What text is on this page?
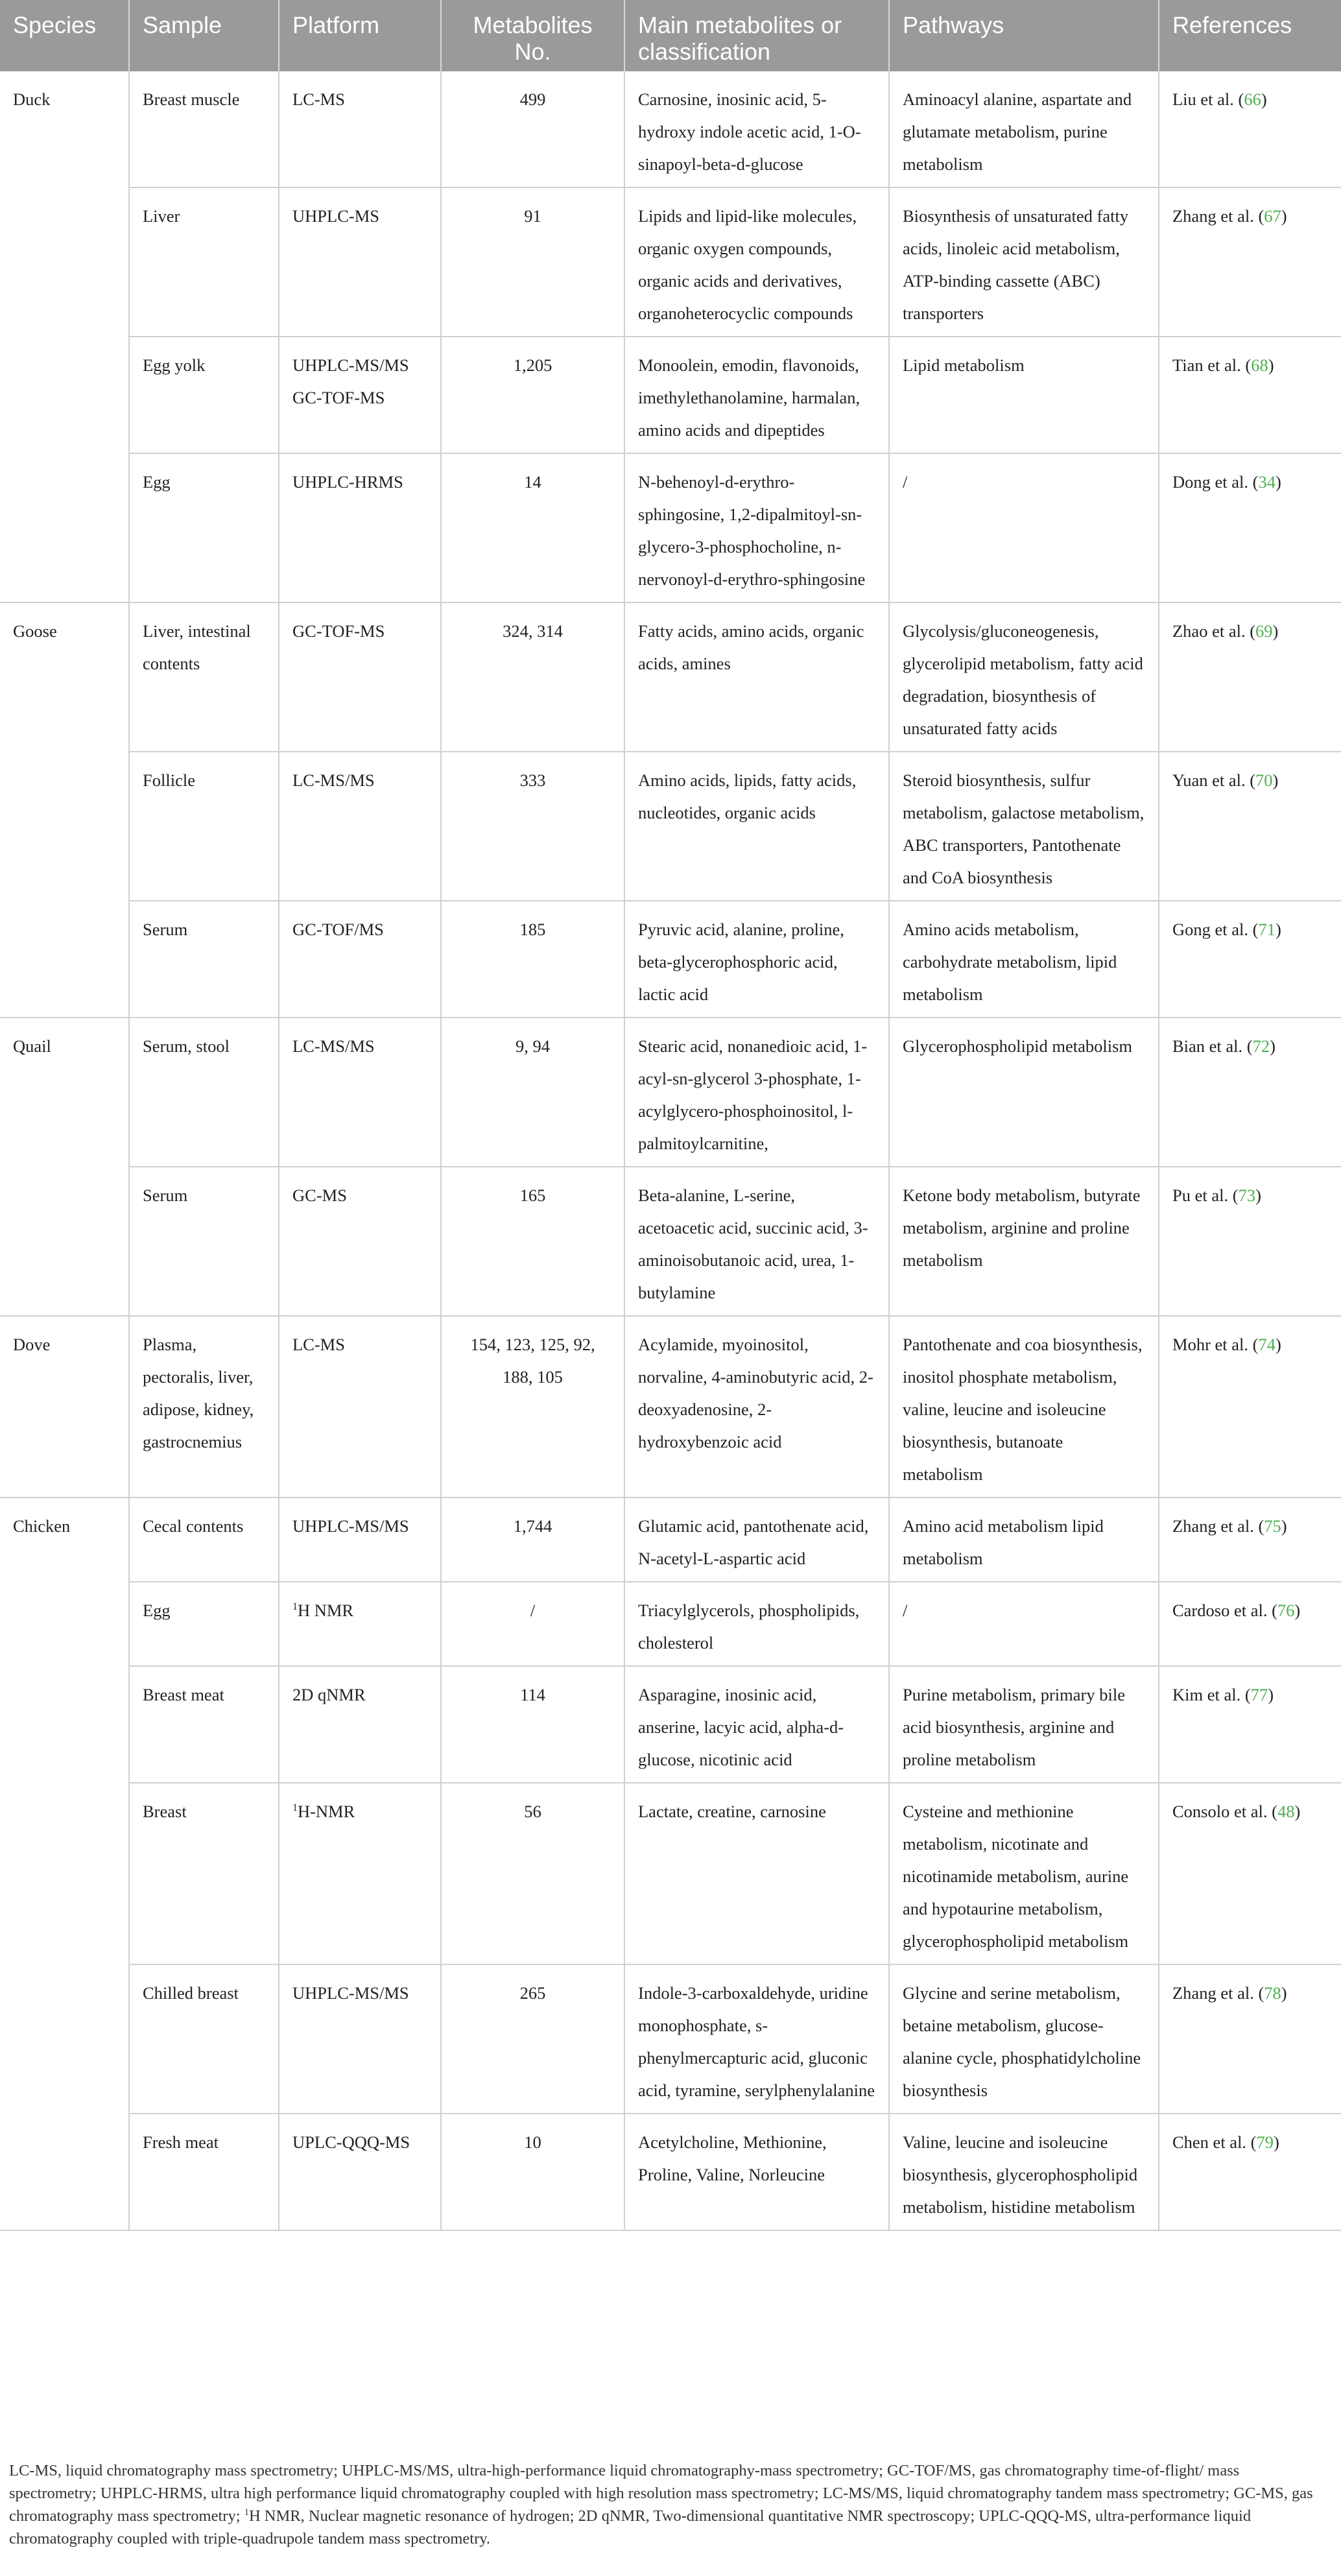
Species	Sample	Platform	Metabolites No.	Main metabolites or classification	Pathways	References
Duck	Breast muscle	LC-MS	499	Carnosine, inosinic acid, 5-hydroxy indole acetic acid, 1-O-sinapoyl-beta-d-glucose	Aminoacyl alanine, aspartate and glutamate metabolism, purine metabolism	Liu et al. (66)
	Liver	UHPLC-MS	91	Lipids and lipid-like molecules, organic oxygen compounds, organic acids and derivatives, organoheterocyclic compounds	Biosynthesis of unsaturated fatty acids, linoleic acid metabolism, ATP-binding cassette (ABC) transporters	Zhang et al. (67)
	Egg yolk	UHPLC-MS/MS GC-TOF-MS	1,205	Monoolein, emodin, flavonoids, imethylethanolamine, harmalan, amino acids and dipeptides	Lipid metabolism	Tian et al. (68)
	Egg	UHPLC-HRMS	14	N-behenoyl-d-erythro-sphingosine, 1,2-dipalmitoyl-sn-glycero-3-phosphocholine, n-nervonoyl-d-erythro-sphingosine	/	Dong et al. (34)
Goose	Liver, intestinal contents	GC-TOF-MS	324, 314	Fatty acids, amino acids, organic acids, amines	Glycolysis/gluconeogenesis, glycerolipid metabolism, fatty acid degradation, biosynthesis of unsaturated fatty acids	Zhao et al. (69)
	Follicle	LC-MS/MS	333	Amino acids, lipids, fatty acids, nucleotides, organic acids	Steroid biosynthesis, sulfur metabolism, galactose metabolism, ABC transporters, Pantothenate and CoA biosynthesis	Yuan et al. (70)
	Serum	GC-TOF/MS	185	Pyruvic acid, alanine, proline, beta-glycerophosphoric acid, lactic acid	Amino acids metabolism, carbohydrate metabolism, lipid metabolism	Gong et al. (71)
Quail	Serum, stool	LC-MS/MS	9, 94	Stearic acid, nonanedioic acid, 1-acyl-sn-glycerol 3-phosphate, 1-acylglycero-phosphoinositol, l-palmitoylcarnitine,	Glycerophospholipid metabolism	Bian et al. (72)
	Serum	GC-MS	165	Beta-alanine, L-serine, acetoacetic acid, succinic acid, 3-aminoisobutanoic acid, urea, 1-butylamine	Ketone body metabolism, butyrate metabolism, arginine and proline metabolism	Pu et al. (73)
Dove	Plasma, pectoralis, liver, adipose, kidney, gastrocnemius	LC-MS	154, 123, 125, 92, 188, 105	Acylamide, myoinositol, norvaline, 4-aminobutyric acid, 2-deoxyadenosine, 2-hydroxybenzoic acid	Pantothenate and coa biosynthesis, inositol phosphate metabolism, valine, leucine and isoleucine biosynthesis, butanoate metabolism	Mohr et al. (74)
Chicken	Cecal contents	UHPLC-MS/MS	1,744	Glutamic acid, pantothenate acid, N-acetyl-L-aspartic acid	Amino acid metabolism lipid metabolism	Zhang et al. (75)
	Egg	$^1$H NMR	/	Triacylglycerols, phospholipids, cholesterol	/	Cardoso et al. (76)
	Breast meat	2D qNMR	114	Asparagine, inosinic acid, anserine, lacyic acid, alpha-d-glucose, nicotinic acid	Purine metabolism, primary bile acid biosynthesis, arginine and proline metabolism	Kim et al. (77)
	Breast	$^1$H-NMR	56	Lactate, creatine, carnosine	Cysteine and methionine metabolism, nicotinate and nicotinamide metabolism, aurine and hypotaurine metabolism, glycerophospholipid metabolism	Consolo et al. (48)
	Chilled breast	UHPLC-MS/MS	265	Indole-3-carboxaldehyde, uridine monophosphate, s-phenylmercapturic acid, gluconic acid, tyramine, serylphenylalanine	Glycine and serine metabolism, betaine metabolism, glucose-alanine cycle, phosphatidylcholine biosynthesis	Zhang et al. (78)
	Fresh meat	UPLC-QQQ-MS	10	Acetylcholine, Methionine, Proline, Valine, Norleucine	Valine, leucine and isoleucine biosynthesis, glycerophospholipid metabolism, histidine metabolism	Chen et al. (79)
LC-MS, liquid chromatography mass spectrometry; UHPLC-MS/MS, ultra-high-performance liquid chromatography-mass spectrometry; GC-TOF/MS, gas chromatography time-of-flight/ mass spectrometry; UHPLC-HRMS, ultra high performance liquid chromatography coupled with high resolution mass spectrometry; LC-MS/MS, liquid chromatography tandem mass spectrometry; GC-MS, gas chromatography mass spectrometry; $^1$H NMR, Nuclear magnetic resonance of hydrogen; 2D qNMR, Two-dimensional quantitative NMR spectroscopy; UPLC-QQQ-MS, ultra-performance liquid chromatography coupled with triple-quadrupole tandem mass spectrometry.
